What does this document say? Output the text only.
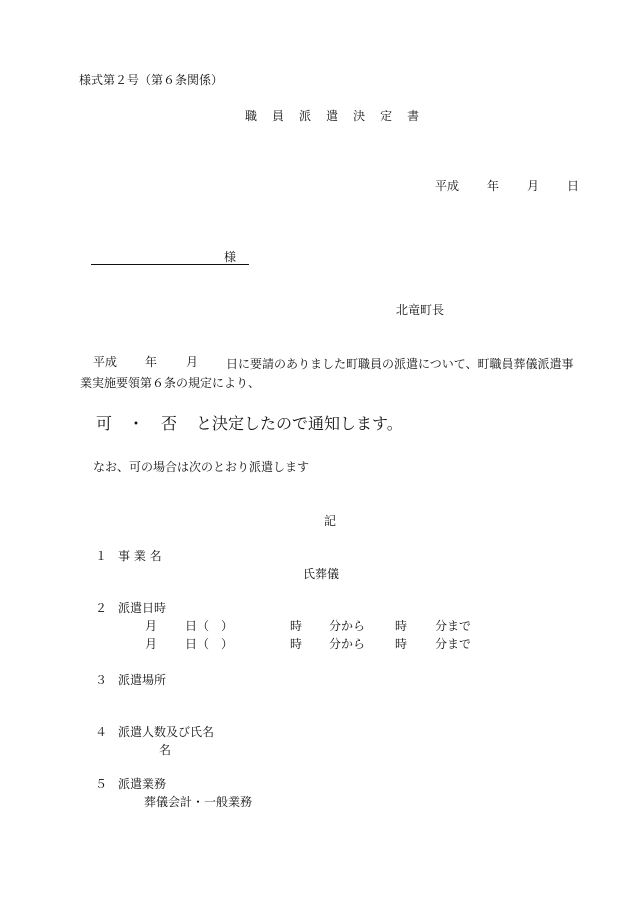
様式第２号（第６条関係）
職 員 派 遣 決 定 書
平成 年 月 日
様
北竜町長
平成 年 月	日に要請のありました町職員の派遣について、町職員葬儀派遣事業実施要領第６条の規定により、
可 ・ 否 と決定したので通知します。
なお、可の場合は次のとおり派遣します
記
１ 事 業 名
氏葬儀
２ 派遣日時
月 日（　）	時 分から 時 分まで
月 日（　）	時 分から 時 分まで
３ 派遣場所
４ 派遣人数及び氏名
名
５ 派遣業務
葬儀会計・一般業務
